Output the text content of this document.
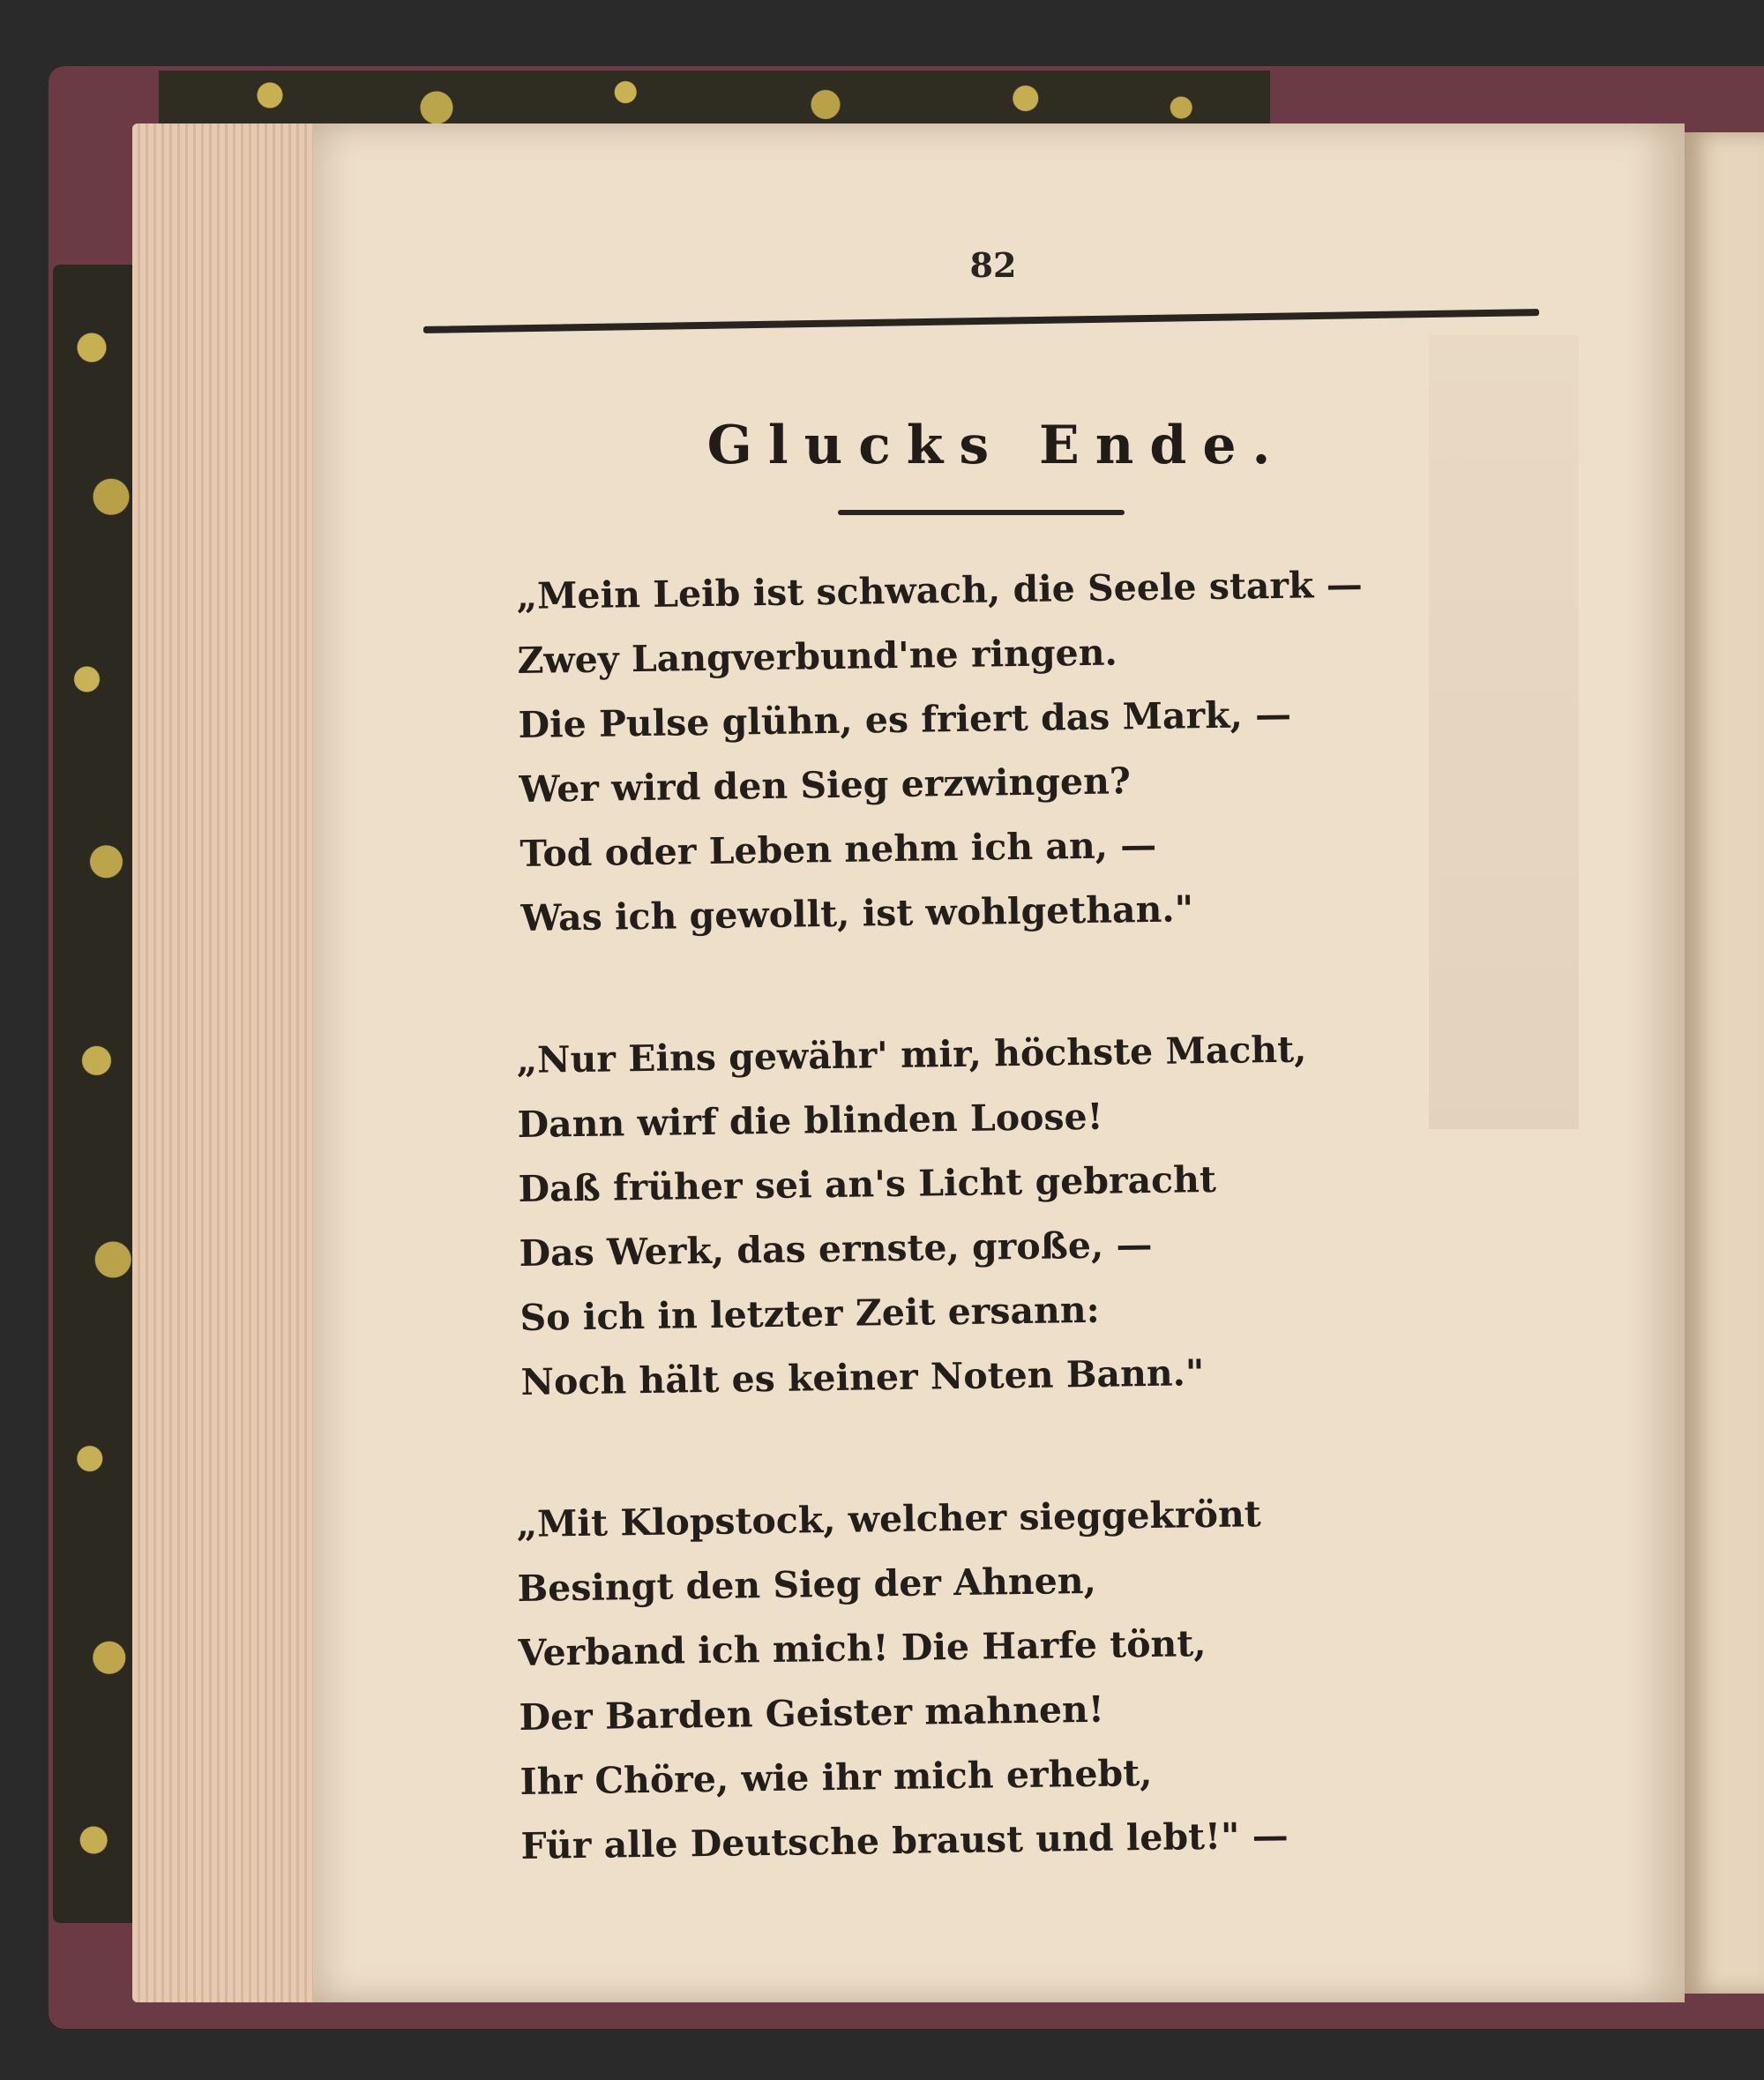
82
Glucks Ende.
„Mein Leib ist schwach, die Seele stark —
Zwey Langverbund'ne ringen.
Die Pulse glühn, es friert das Mark, —
Wer wird den Sieg erzwingen?
Tod oder Leben nehm ich an, —
Was ich gewollt, ist wohlgethan."
„Nur Eins gewähr' mir, höchste Macht,
Dann wirf die blinden Loose!
Daß früher sei an's Licht gebracht
Das Werk, das ernste, große, —
So ich in letzter Zeit ersann:
Noch hält es keiner Noten Bann."
„Mit Klopstock, welcher sieggekrönt
Besingt den Sieg der Ahnen,
Verband ich mich! Die Harfe tönt,
Der Barden Geister mahnen!
Ihr Chöre, wie ihr mich erhebt,
Für alle Deutsche braust und lebt!" —
